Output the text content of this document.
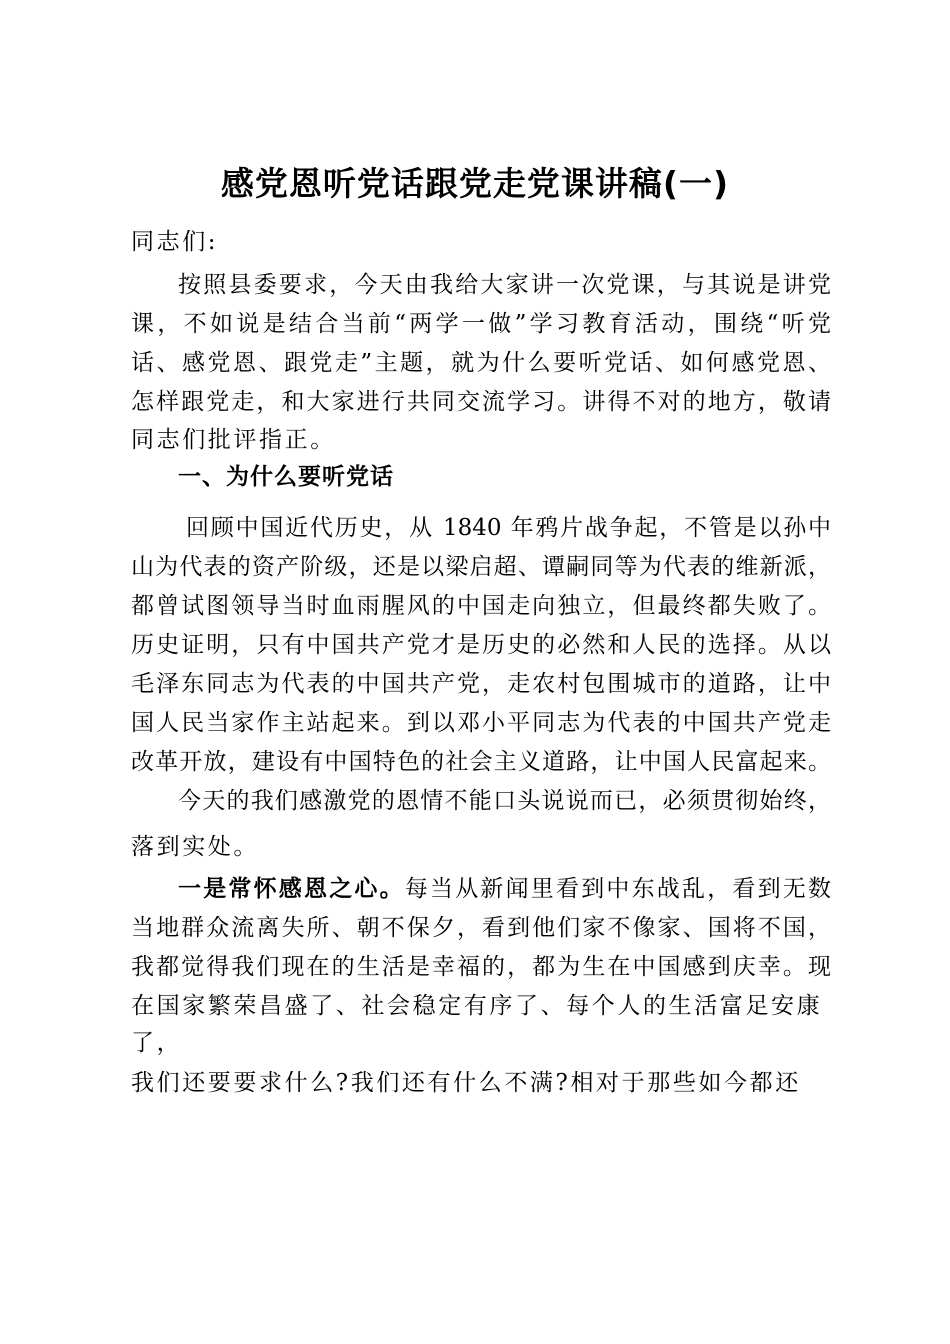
感党恩听党话跟党走党课讲稿(一)
同志们:
按照县委要求，今天由我给大家讲一次党课，与其说是讲党
课，不如说是结合当前“两学一做”学习教育活动，围绕“听党
话、感党恩、跟党走”主题，就为什么要听党话、如何感党恩、
怎样跟党走，和大家进行共同交流学习。讲得不对的地方，敬请
同志们批评指正。
一、为什么要听党话
回顾中国近代历史，从 1840 年鸦片战争起，不管是以孙中
山为代表的资产阶级，还是以梁启超、谭嗣同等为代表的维新派，
都曾试图领导当时血雨腥风的中国走向独立，但最终都失败了。
历史证明，只有中国共产党才是历史的必然和人民的选择。从以
毛泽东同志为代表的中国共产党，走农村包围城市的道路，让中
国人民当家作主站起来。到以邓小平同志为代表的中国共产党走
改革开放，建设有中国特色的社会主义道路，让中国人民富起来。
今天的我们感激党的恩情不能口头说说而已，必须贯彻始终，
落到实处。
一是常怀感恩之心。每当从新闻里看到中东战乱，看到无数
当地群众流离失所、朝不保夕，看到他们家不像家、国将不国，
我都觉得我们现在的生活是幸福的，都为生在中国感到庆幸。现
在国家繁荣昌盛了、社会稳定有序了、每个人的生活富足安康
了，
我们还要要求什么?我们还有什么不满?相对于那些如今都还
